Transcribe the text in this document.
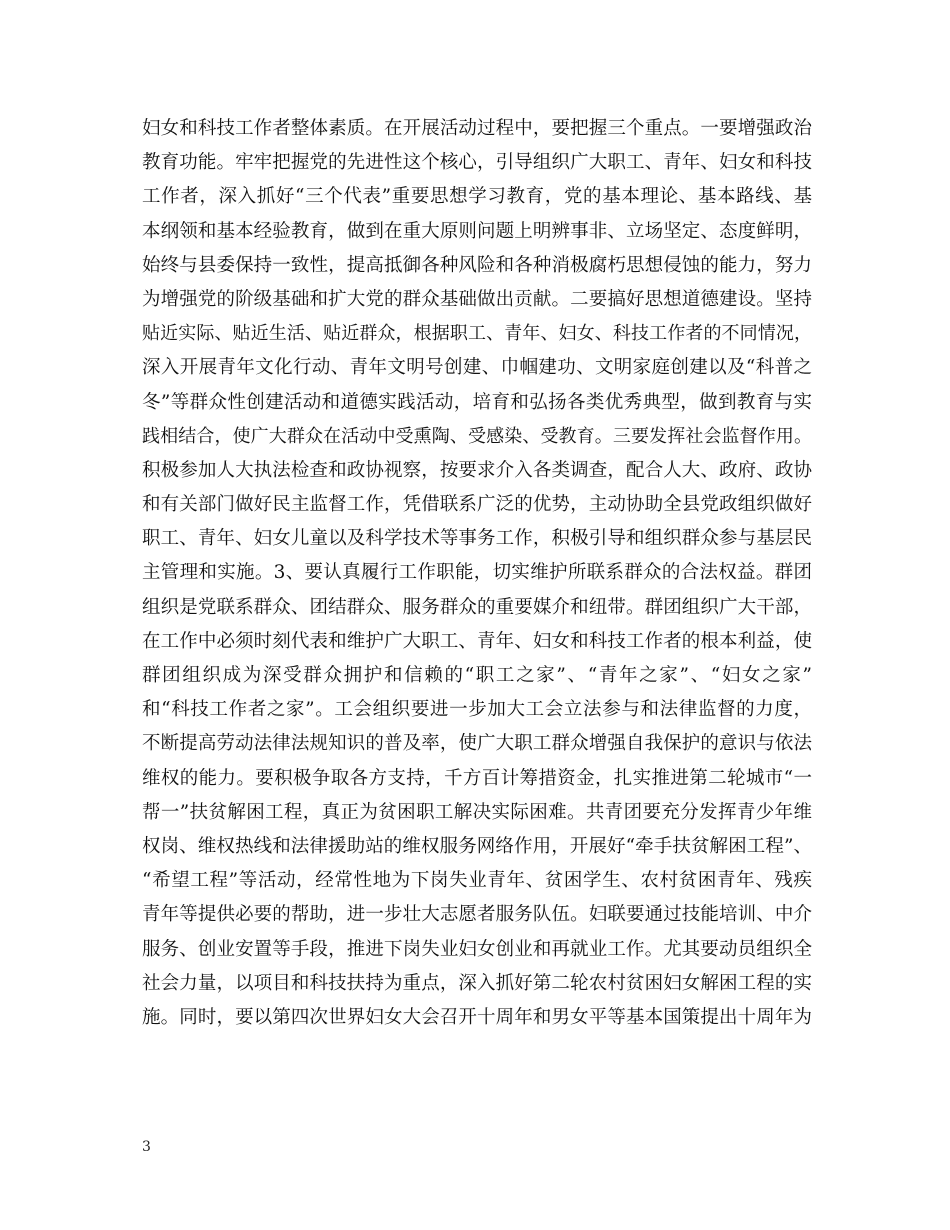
妇女和科技工作者整体素质。在开展活动过程中，要把握三个重点。一要增强政治
教育功能。牢牢把握党的先进性这个核心，引导组织广大职工、青年、妇女和科技
工作者，深入抓好“三个代表”重要思想学习教育，党的基本理论、基本路线、基
本纲领和基本经验教育，做到在重大原则问题上明辨事非、立场坚定、态度鲜明，
始终与县委保持一致性，提高抵御各种风险和各种消极腐朽思想侵蚀的能力，努力
为增强党的阶级基础和扩大党的群众基础做出贡献。二要搞好思想道德建设。坚持
贴近实际、贴近生活、贴近群众，根据职工、青年、妇女、科技工作者的不同情况，
深入开展青年文化行动、青年文明号创建、巾帼建功、文明家庭创建以及“科普之
冬”等群众性创建活动和道德实践活动，培育和弘扬各类优秀典型，做到教育与实
践相结合，使广大群众在活动中受熏陶、受感染、受教育。三要发挥社会监督作用。
积极参加人大执法检查和政协视察，按要求介入各类调查，配合人大、政府、政协
和有关部门做好民主监督工作，凭借联系广泛的优势，主动协助全县党政组织做好
职工、青年、妇女儿童以及科学技术等事务工作，积极引导和组织群众参与基层民
主管理和实施。3、要认真履行工作职能，切实维护所联系群众的合法权益。群团
组织是党联系群众、团结群众、服务群众的重要媒介和纽带。群团组织广大干部，
在工作中必须时刻代表和维护广大职工、青年、妇女和科技工作者的根本利益，使
群团组织成为深受群众拥护和信赖的“职工之家”、“青年之家”、“妇女之家”
和“科技工作者之家”。工会组织要进一步加大工会立法参与和法律监督的力度，
不断提高劳动法律法规知识的普及率，使广大职工群众增强自我保护的意识与依法
维权的能力。要积极争取各方支持，千方百计筹措资金，扎实推进第二轮城市“一
帮一”扶贫解困工程，真正为贫困职工解决实际困难。共青团要充分发挥青少年维
权岗、维权热线和法律援助站的维权服务网络作用，开展好“牵手扶贫解困工程”、
“希望工程”等活动，经常性地为下岗失业青年、贫困学生、农村贫困青年、残疾
青年等提供必要的帮助，进一步壮大志愿者服务队伍。妇联要通过技能培训、中介
服务、创业安置等手段，推进下岗失业妇女创业和再就业工作。尤其要动员组织全
社会力量，以项目和科技扶持为重点，深入抓好第二轮农村贫困妇女解困工程的实
施。同时，要以第四次世界妇女大会召开十周年和男女平等基本国策提出十周年为
3
